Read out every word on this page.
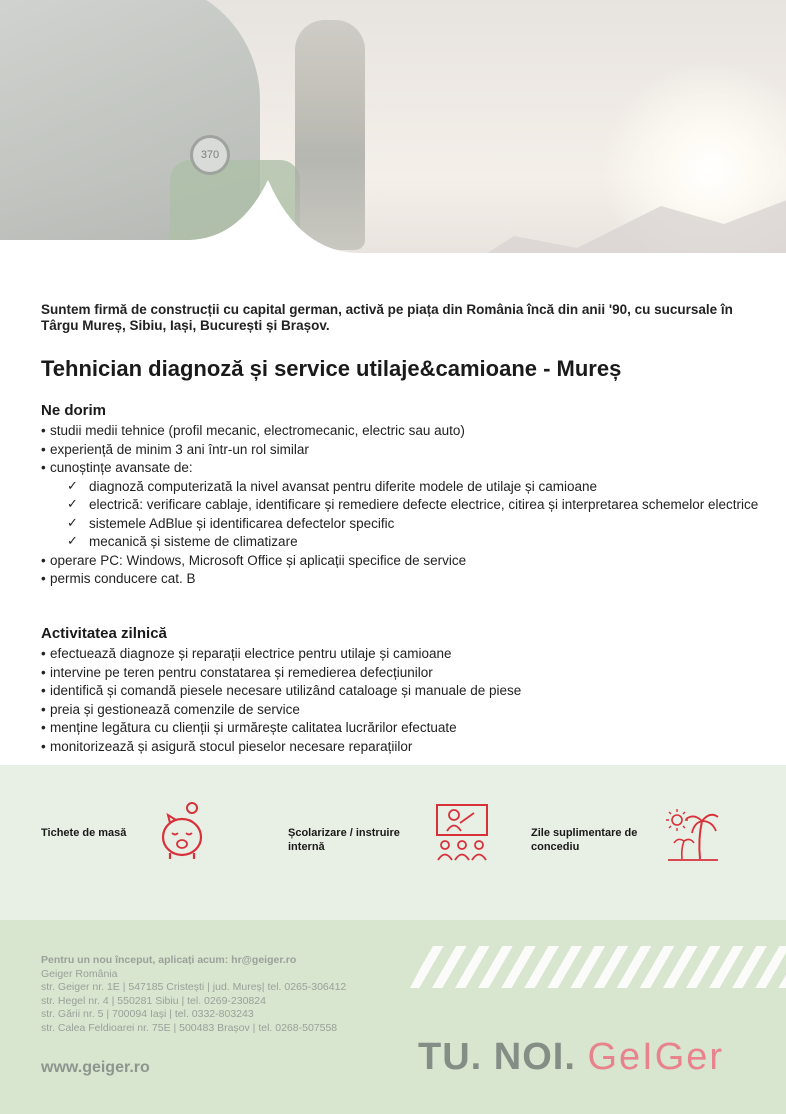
370

Suntem firmă de construcții cu capital german, activă pe piața din România încă din anii '90, cu sucursale în Târgu Mureș, Sibiu, Iași, București și Brașov.

Tehnician diagnoză și service utilaje&camioane - Mureș
Ne dorim
• studii medii tehnice (profil mecanic, electromecanic, electric sau auto)
• experiență de minim 3 ani într-un rol similar
• cunoștințe avansate de:
✓ diagnoză computerizată la nivel avansat pentru diferite modele de utilaje și camioane
✓ electrică: verificare cablaje, identificare și remediere defecte electrice, citirea și interpretarea schemelor electrice
✓ sistemele AdBlue și identificarea defectelor specific
✓ mecanică și sisteme de climatizare
• operare PC: Windows, Microsoft Office și aplicații specifice de service
• permis conducere cat. B
Activitatea zilnică
• efectuează diagnoze și reparații electrice pentru utilaje și camioane
• intervine pe teren pentru constatarea și remedierea defecțiunilor
• identifică și comandă piesele necesare utilizând cataloage și manuale de piese
• preia și gestionează comenzile de service
• menține legătura cu clienții și urmărește calitatea lucrărilor efectuate
• monitorizează și asigură stocul pieselor necesare reparațiilor
Tichete de masă	Școlarizare / instruire internă
Zile suplimentare de concediu
Pentru un nou început, aplicați acum: hr@geiger.ro
Geiger România
str. Geiger nr. 1E | 547185 Cristești | jud. Mureș| tel. 0265-306412
str. Hegel nr. 4 | 550281 Sibiu | tel. 0269-230824
str. Gării nr. 5 | 700094 Iași | tel. 0332-803243
str. Calea Feldioarei nr. 75E | 500483 Brașov | tel. 0268-507558
www.geiger.ro	TU. NOI. GeIGer
